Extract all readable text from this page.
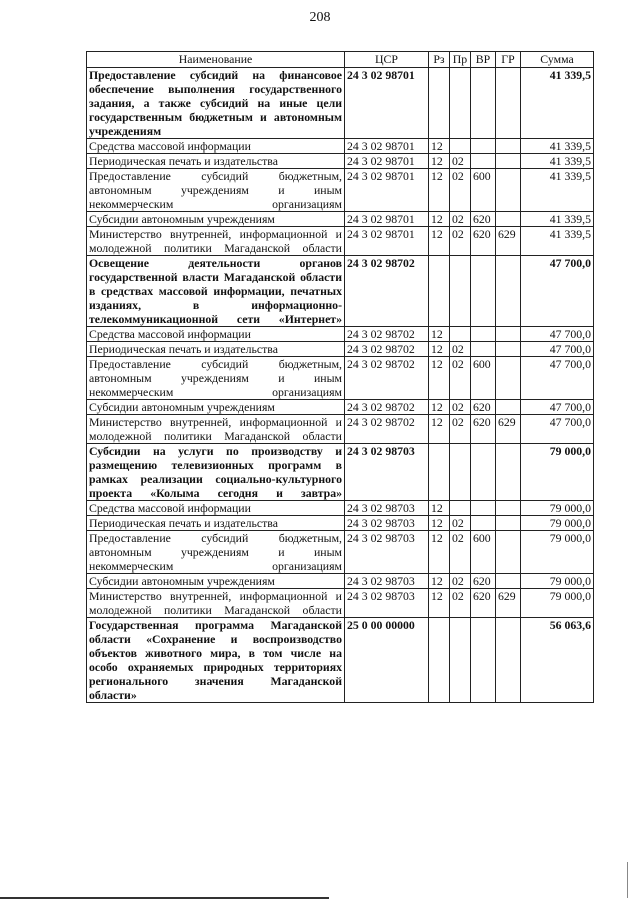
208
Наименование	ЦСР	Рз	Пр	ВР	ГР	Сумма
Предоставление субсидий на финансовое обеспечение выполнения государственного задания, а также субсидий на иные цели государственным бюджетным и автономным учреждениям	24 3 02 98701					41 339,5
Средства массовой информации	24 3 02 98701	12				41 339,5
Периодическая печать и издательства	24 3 02 98701	12	02			41 339,5
Предоставление субсидий бюджетным, автономным учреждениям и иным некоммерческим организациям	24 3 02 98701	12	02	600		41 339,5
Субсидии автономным учреждениям	24 3 02 98701	12	02	620		41 339,5
Министерство внутренней, информационной и молодежной политики Магаданской области	24 3 02 98701	12	02	620	629	41 339,5
Освещение деятельности органов государственной власти Магаданской области в средствах массовой информации, печатных изданиях, в информационно-телекоммуникационной сети «Интернет»	24 3 02 98702					47 700,0
Средства массовой информации	24 3 02 98702	12				47 700,0
Периодическая печать и издательства	24 3 02 98702	12	02			47 700,0
Предоставление субсидий бюджетным, автономным учреждениям и иным некоммерческим организациям	24 3 02 98702	12	02	600		47 700,0
Субсидии автономным учреждениям	24 3 02 98702	12	02	620		47 700,0
Министерство внутренней, информационной и молодежной политики Магаданской области	24 3 02 98702	12	02	620	629	47 700,0
Субсидии на услуги по производству и размещению телевизионных программ в рамках реализации социально-культурного проекта «Колыма сегодня и завтра»	24 3 02 98703					79 000,0
Средства массовой информации	24 3 02 98703	12				79 000,0
Периодическая печать и издательства	24 3 02 98703	12	02			79 000,0
Предоставление субсидий бюджетным, автономным учреждениям и иным некоммерческим организациям	24 3 02 98703	12	02	600		79 000,0
Субсидии автономным учреждениям	24 3 02 98703	12	02	620		79 000,0
Министерство внутренней, информационной и молодежной политики Магаданской области	24 3 02 98703	12	02	620	629	79 000,0
Государственная программа Магаданской области «Сохранение и воспроизводство объектов животного мира, в том числе на особо охраняемых природных территориях регионального значения Магаданской области»	25 0 00 00000					56 063,6
